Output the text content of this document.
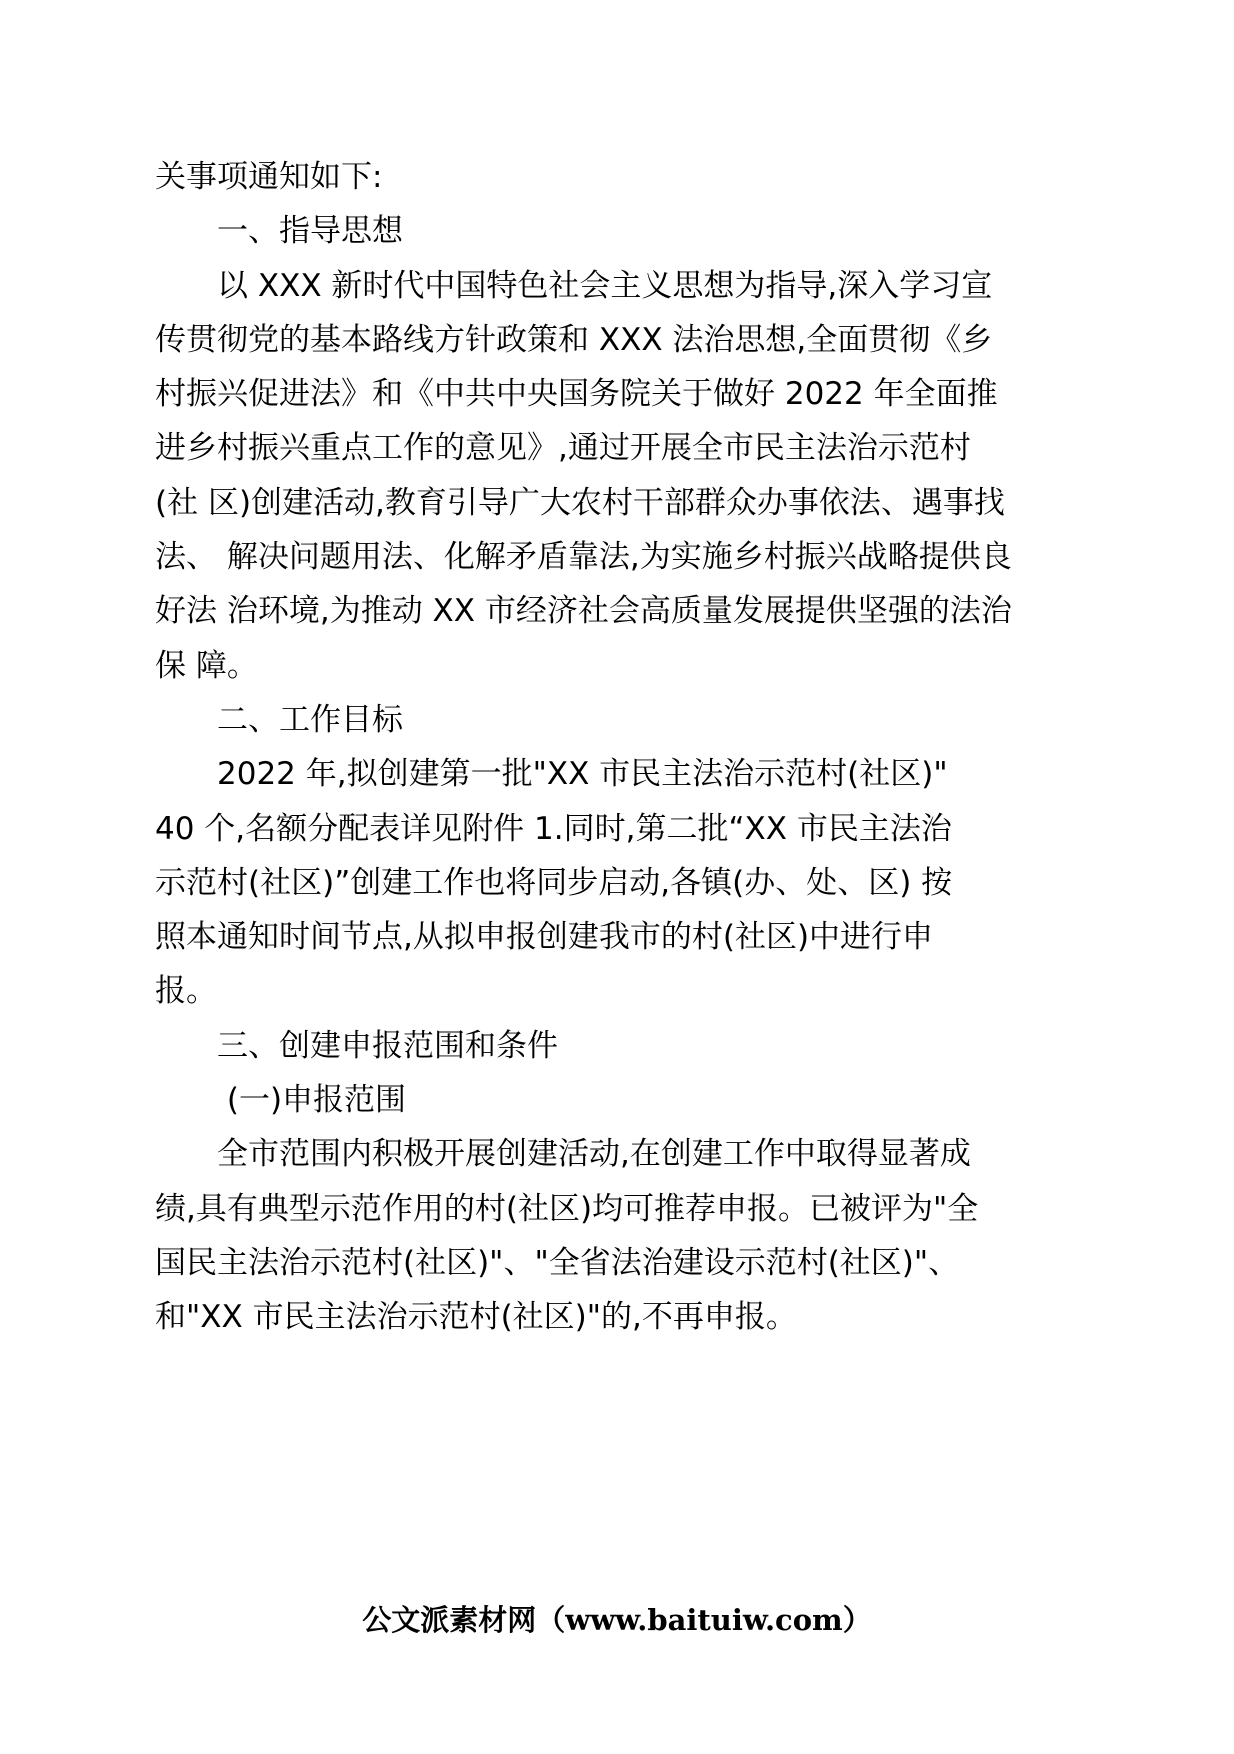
关事项通知如下:

　　一、指导思想

　　以 XXX 新时代中国特色社会主义思想为指导,深入学习宣

传贯彻党的基本路线方针政策和 XXX 法治思想,全面贯彻《乡

村振兴促进法》和《中共中央国务院关于做好 2022 年全面推

进乡村振兴重点工作的意见》,通过开展全市民主法治示范村

(社 区)创建活动,教育引导广大农村干部群众办事依法、遇事找

法、 解决问题用法、化解矛盾靠法,为实施乡村振兴战略提供良

好法 治环境,为推动 XX 市经济社会高质量发展提供坚强的法治

保 障。

　　二、工作目标

　　2022 年,拟创建第一批"XX 市民主法治示范村(社区)"

40 个,名额分配表详见附件 1.同时,第二批“XX 市民主法治

示范村(社区)”创建工作也将同步启动,各镇(办、处、区) 按

照本通知时间节点,从拟申报创建我市的村(社区)中进行申

报。

　　三、创建申报范围和条件

　　 (一)申报范围

　　全市范围内积极开展创建活动,在创建工作中取得显著成

绩,具有典型示范作用的村(社区)均可推荐申报。已被评为"全

国民主法治示范村(社区)"、"全省法治建设示范村(社区)"、

和"XX 市民主法治示范村(社区)"的,不再申报。

公文派素材网（www.baituiw.com）
